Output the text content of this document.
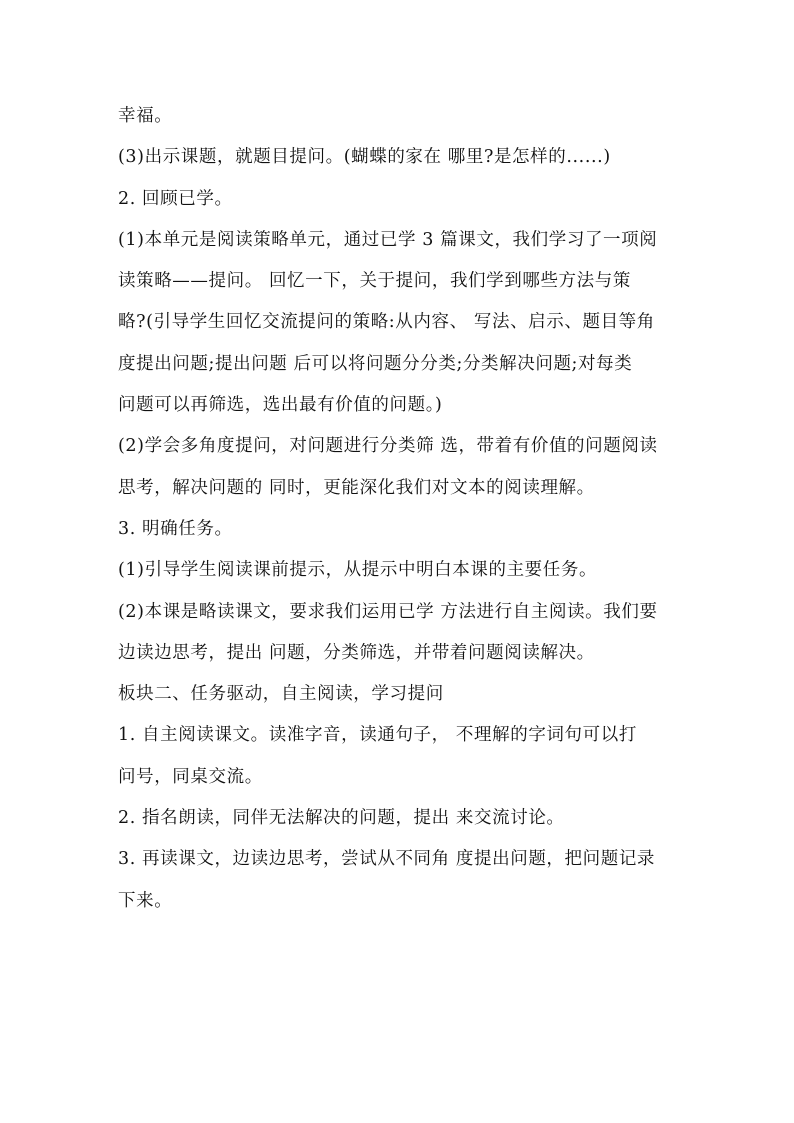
幸福。
(3)出示课题，就题目提问。(蝴蝶的家在 哪里?是怎样的......)
2. 回顾已学。
(1)本单元是阅读策略单元，通过已学 3 篇课文，我们学习了一项阅
读策略——提问。 回忆一下，关于提问，我们学到哪些方法与策
略?(引导学生回忆交流提问的策略:从内容、 写法、启示、题目等角
度提出问题;提出问题 后可以将问题分分类;分类解决问题;对每类
问题可以再筛选，选出最有价值的问题。)
(2)学会多角度提问，对问题进行分类筛 选，带着有价值的问题阅读
思考，解决问题的 同时，更能深化我们对文本的阅读理解。
3. 明确任务。
(1)引导学生阅读课前提示，从提示中明白本课的主要任务。
(2)本课是略读课文，要求我们运用已学 方法进行自主阅读。我们要
边读边思考，提出 问题，分类筛选，并带着问题阅读解决。
板块二、任务驱动，自主阅读，学习提问
1. 自主阅读课文。读准字音，读通句子， 不理解的字词句可以打
问号，同桌交流。
2. 指名朗读，同伴无法解决的问题，提出 来交流讨论。
3. 再读课文，边读边思考，尝试从不同角 度提出问题，把问题记录
下来。
